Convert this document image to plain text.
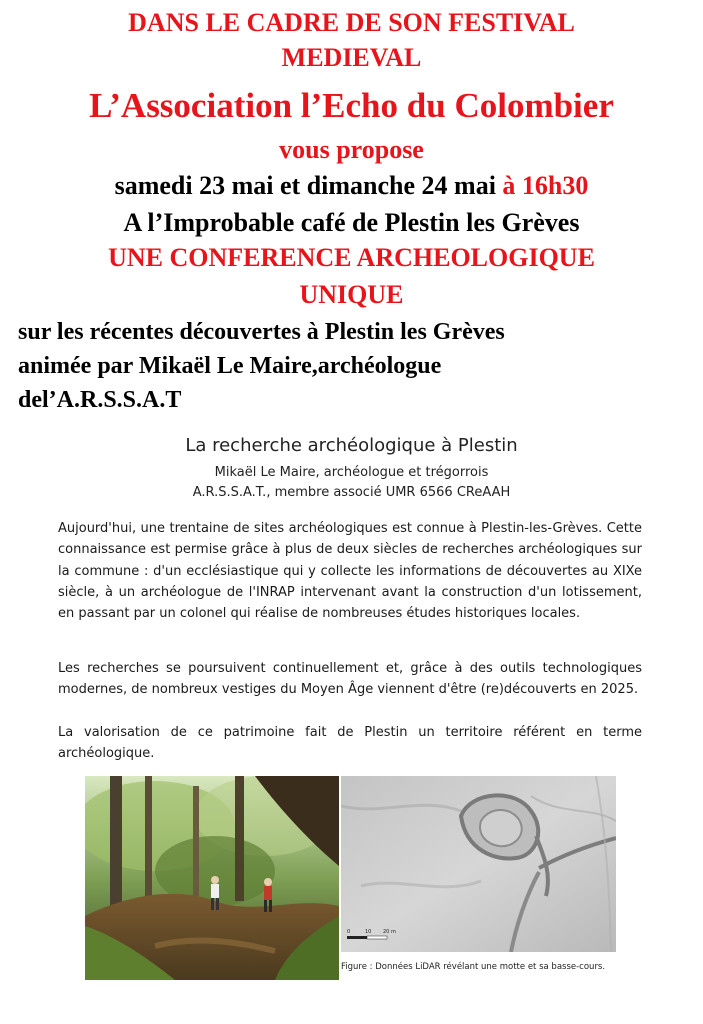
DANS LE CADRE DE SON FESTIVAL
MEDIEVAL
L’Association l’Echo du Colombier
vous propose
samedi 23 mai et dimanche 24 mai à 16h30
A l’Improbable café de Plestin les Grèves
UNE CONFERENCE ARCHEOLOGIQUE
UNIQUE
sur les récentes découvertes à Plestin les Grèves
animée par Mikaël Le Maire,archéologue
del’A.R.S.S.A.T
La recherche archéologique à Plestin
Mikaël Le Maire, archéologue et trégorrois
A.R.S.S.A.T., membre associé UMR 6566 CReAAH

Aujourd'hui, une trentaine de sites archéologiques est connue à Plestin-les-Grèves. Cette connaissance est permise grâce à plus de deux siècles de recherches archéologiques sur la commune : d'un ecclésiastique qui y collecte les informations de découvertes au XIXe siècle, à un archéologue de l'INRAP intervenant avant la construction d'un lotissement, en passant par un colonel qui réalise de nombreuses études historiques locales.

Les recherches se poursuivent continuellement et, grâce à des outils technologiques modernes, de nombreux vestiges du Moyen Âge viennent d'être (re)découverts en 2025.

La valorisation de ce patrimoine fait de Plestin un territoire référent en terme archéologique.

0	10 20 m
Figure : Données LiDAR révélant une motte et sa basse-cours.
